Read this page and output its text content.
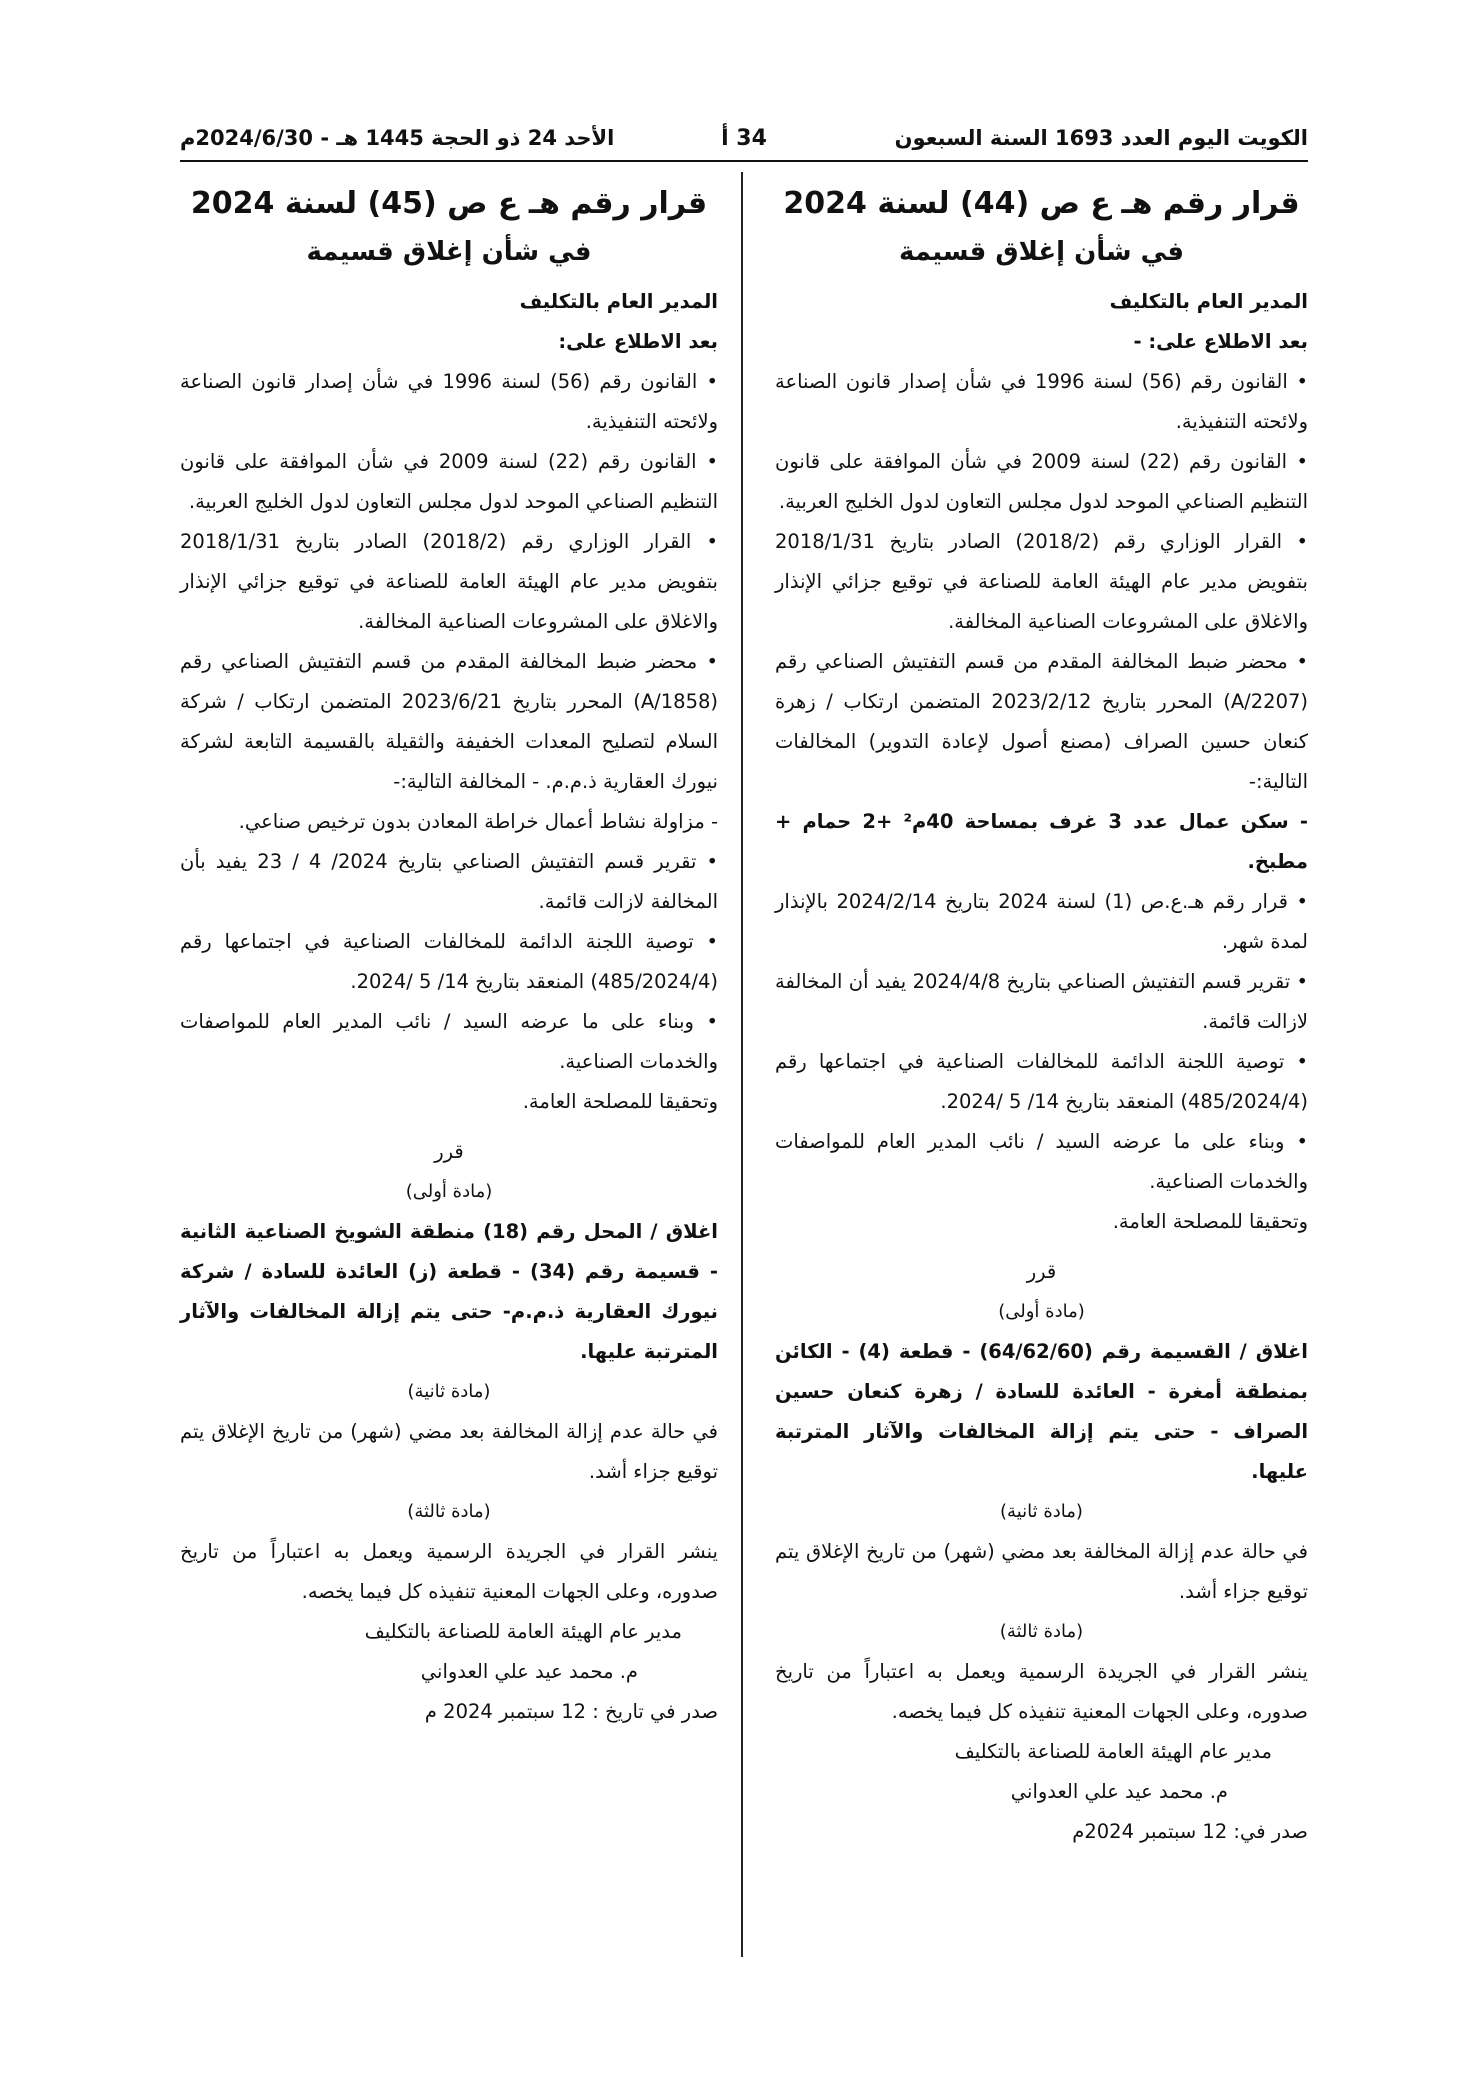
الكويت اليوم العدد 1693 السنة السبعون
34 أ
الأحد 24 ذو الحجة 1445 هـ - 2024/6/30م
قرار رقم هـ ع ص (44) لسنة 2024
في شأن إغلاق قسيمة

المدير العام بالتكليف

بعد الاطلاع على: -

• القانون رقم (56) لسنة 1996 في شأن إصدار قانون الصناعة ولائحته التنفيذية.

• القانون رقم (22) لسنة 2009 في شأن الموافقة على قانون التنظيم الصناعي الموحد لدول مجلس التعاون لدول الخليج العربية.

• القرار الوزاري رقم (2018/2) الصادر بتاريخ 2018/1/31 بتفويض مدير عام الهيئة العامة للصناعة في توقيع جزائي الإنذار والاغلاق على المشروعات الصناعية المخالفة.

• محضر ضبط المخالفة المقدم من قسم التفتيش الصناعي رقم (A/2207) المحرر بتاريخ 2023/2/12 المتضمن ارتكاب / زهرة كنعان حسين الصراف (مصنع أصول لإعادة التدوير) المخالفات التالية:-

- سكن عمال عدد 3 غرف بمساحة 40م² +2 حمام + مطبخ.

• قرار رقم هـ.ع.ص (1) لسنة 2024 بتاريخ 2024/2/14 بالإنذار لمدة شهر.

• تقرير قسم التفتيش الصناعي بتاريخ 2024/4/8 يفيد أن المخالفة لازالت قائمة.

• توصية اللجنة الدائمة للمخالفات الصناعية في اجتماعها رقم (485/2024/4) المنعقد بتاريخ 14/ 5 /2024.

• وبناء على ما عرضه السيد / نائب المدير العام للمواصفات والخدمات الصناعية.

وتحقيقا للمصلحة العامة.

قرر

(مادة أولى)

اغلاق / القسيمة رقم (64/62/60) - قطعة (4) - الكائن بمنطقة أمغرة - العائدة للسادة / زهرة كنعان حسين الصراف - حتى يتم إزالة المخالفات والآثار المترتبة عليها.

(مادة ثانية)

في حالة عدم إزالة المخالفة بعد مضي (شهر) من تاريخ الإغلاق يتم توقيع جزاء أشد.

(مادة ثالثة)

ينشر القرار في الجريدة الرسمية ويعمل به اعتباراً من تاريخ صدوره، وعلى الجهات المعنية تنفيذه كل فيما يخصه.

مدير عام الهيئة العامة للصناعة بالتكليف

م. محمد عيد علي العدواني

صدر في: 12 سبتمبر 2024م

قرار رقم هـ ع ص (45) لسنة 2024
في شأن إغلاق قسيمة

المدير العام بالتكليف

بعد الاطلاع على:

• القانون رقم (56) لسنة 1996 في شأن إصدار قانون الصناعة ولائحته التنفيذية.

• القانون رقم (22) لسنة 2009 في شأن الموافقة على قانون التنظيم الصناعي الموحد لدول مجلس التعاون لدول الخليج العربية.

• القرار الوزاري رقم (2018/2) الصادر بتاريخ 2018/1/31 بتفويض مدير عام الهيئة العامة للصناعة في توقيع جزائي الإنذار والاغلاق على المشروعات الصناعية المخالفة.

• محضر ضبط المخالفة المقدم من قسم التفتيش الصناعي رقم (A/1858) المحرر بتاريخ 2023/6/21 المتضمن ارتكاب / شركة السلام لتصليح المعدات الخفيفة والثقيلة بالقسيمة التابعة لشركة نيورك العقارية ذ.م.م. - المخالفة التالية:-

- مزاولة نشاط أعمال خراطة المعادن بدون ترخيص صناعي.

• تقرير قسم التفتيش الصناعي بتاريخ 2024/ 4 / 23 يفيد بأن المخالفة لازالت قائمة.

• توصية اللجنة الدائمة للمخالفات الصناعية في اجتماعها رقم (485/2024/4) المنعقد بتاريخ 14/ 5 /2024.

• وبناء على ما عرضه السيد / نائب المدير العام للمواصفات والخدمات الصناعية.

وتحقيقا للمصلحة العامة.

قرر

(مادة أولى)

اغلاق / المحل رقم (18) منطقة الشويخ الصناعية الثانية - قسيمة رقم (34) - قطعة (ز) العائدة للسادة / شركة نيورك العقارية ذ.م.م- حتى يتم إزالة المخالفات والآثار المترتبة عليها.

(مادة ثانية)

في حالة عدم إزالة المخالفة بعد مضي (شهر) من تاريخ الإغلاق يتم توقيع جزاء أشد.

(مادة ثالثة)

ينشر القرار في الجريدة الرسمية ويعمل به اعتباراً من تاريخ صدوره، وعلى الجهات المعنية تنفيذه كل فيما يخصه.

مدير عام الهيئة العامة للصناعة بالتكليف

م. محمد عيد علي العدواني

صدر في تاريخ : 12 سبتمبر 2024 م
